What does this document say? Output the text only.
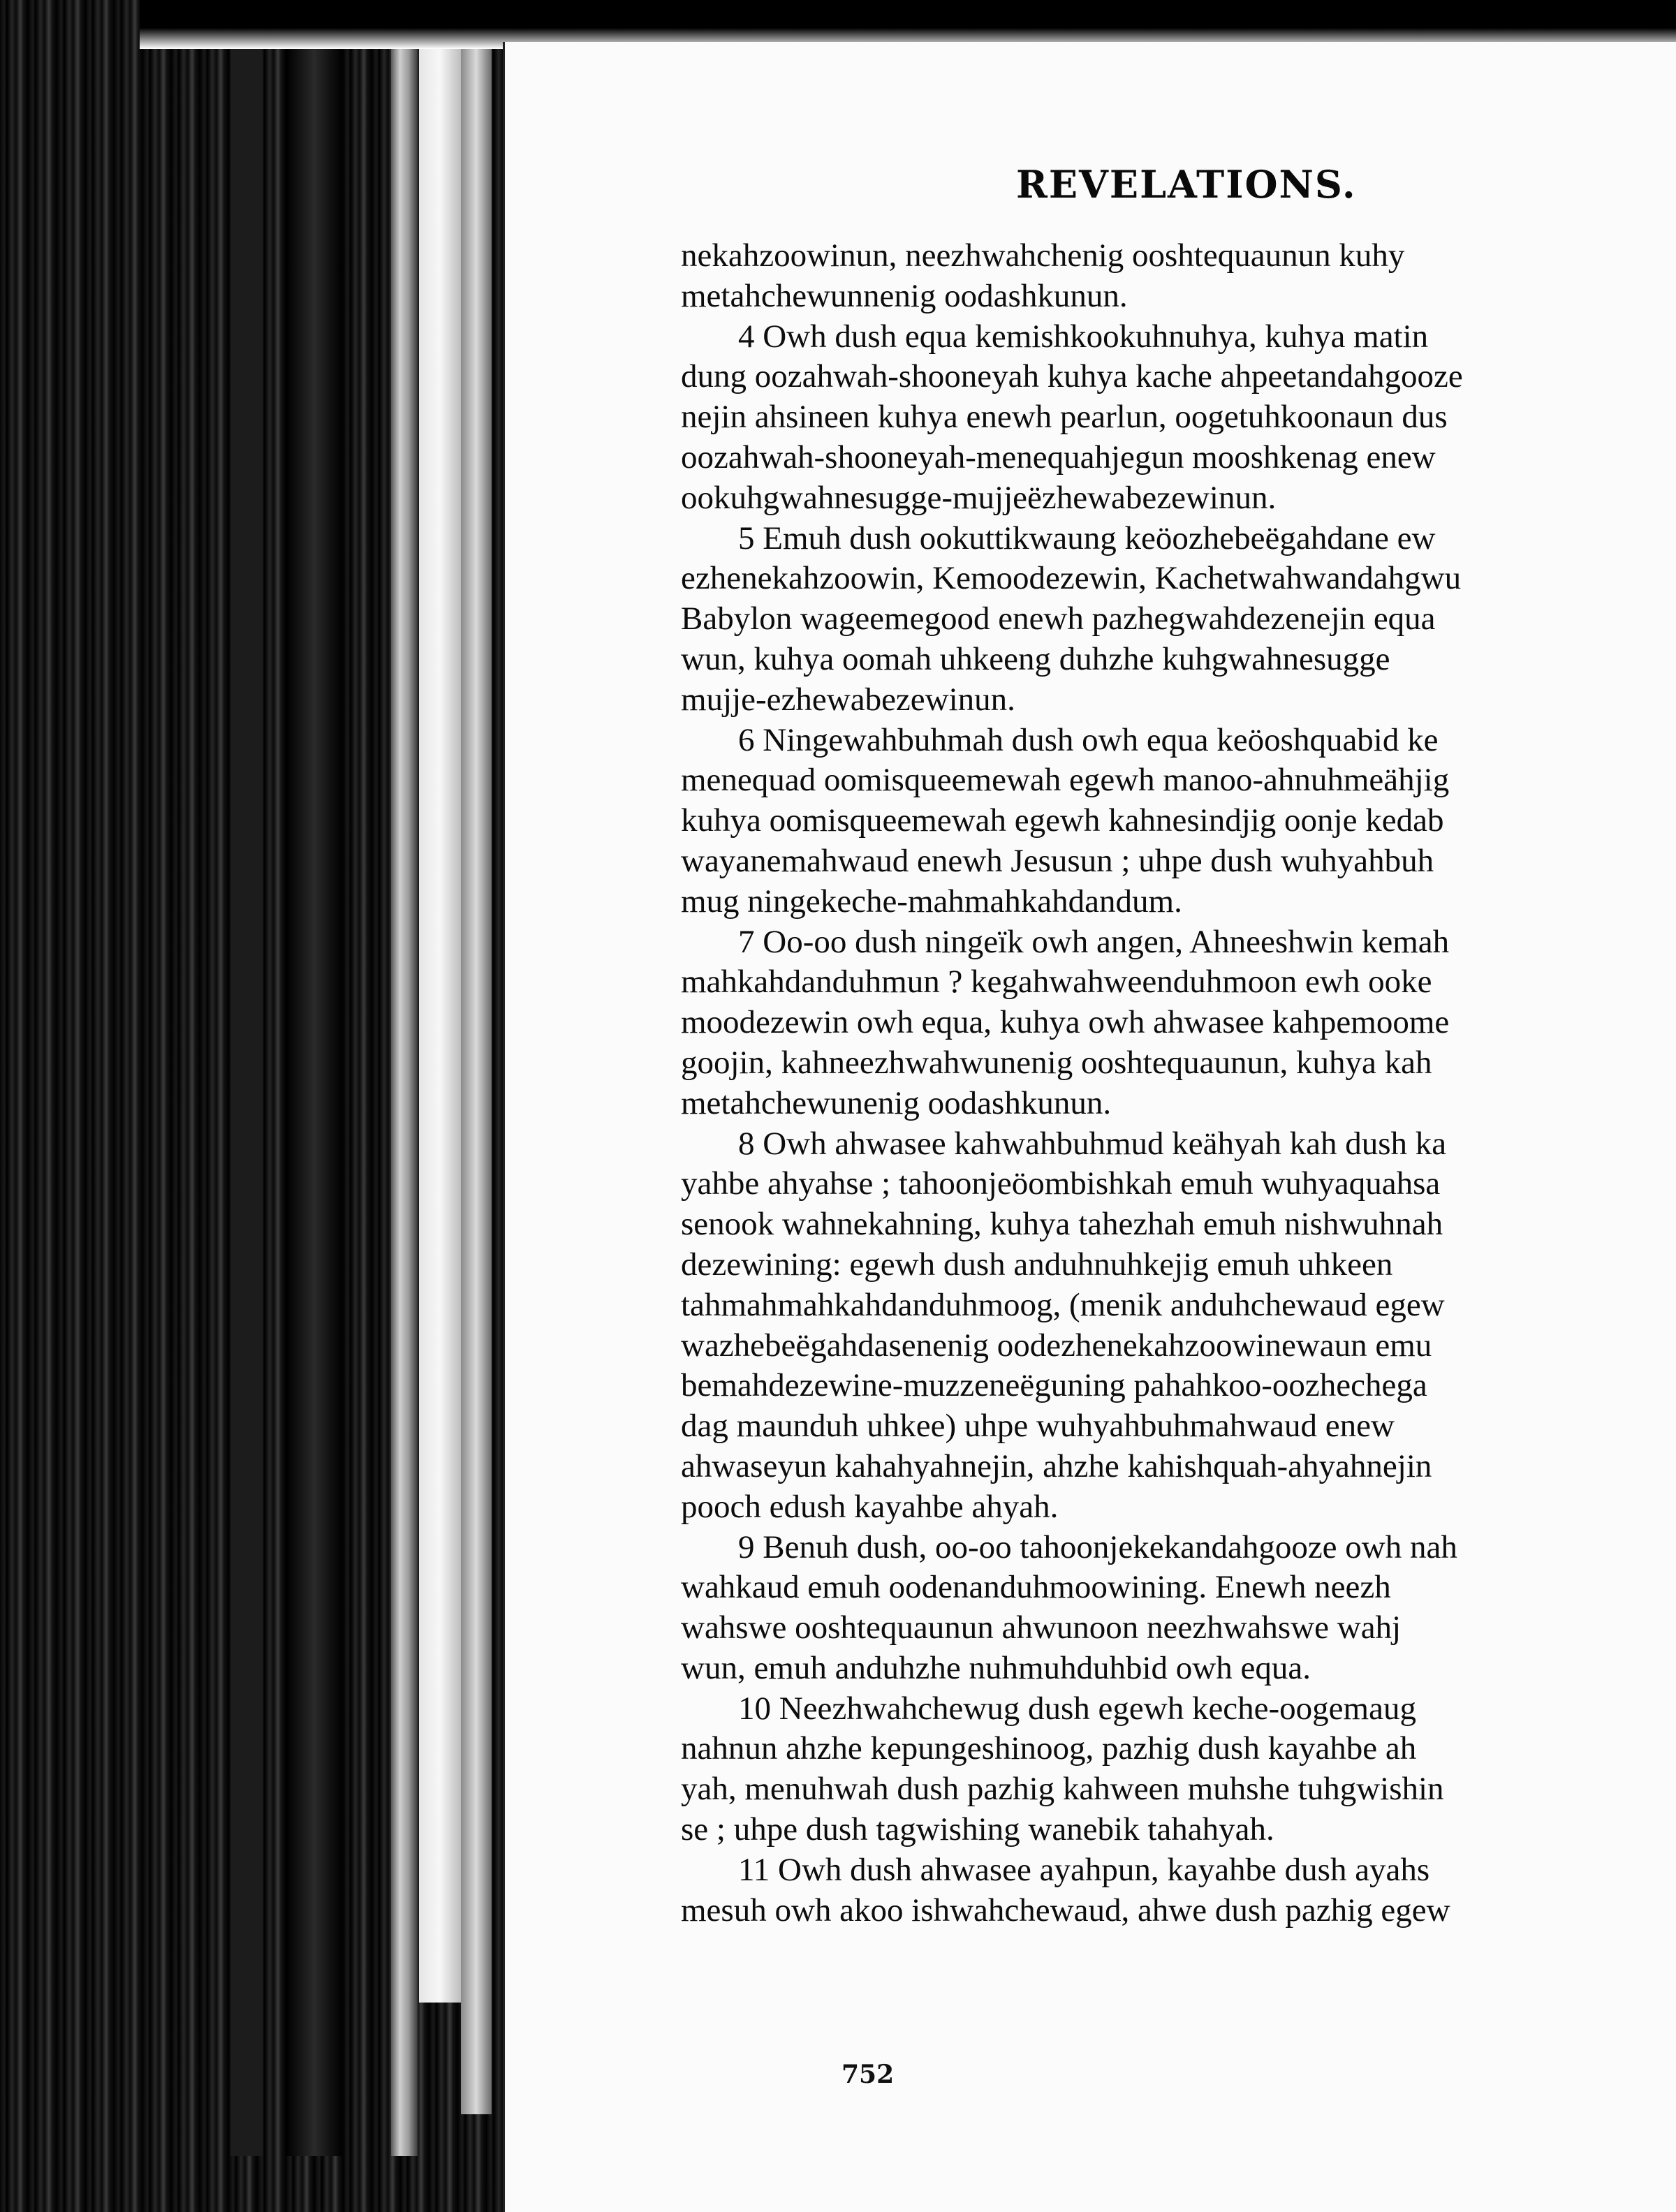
REVELATIONS.
nekahzoowinun, neezhwahchenig ooshtequaunun kuhy
metahchewunnenig oodashkunun.
4 Owh dush equa kemishkookuhnuhya, kuhya matin
dung oozahwah-shooneyah kuhya kache ahpeetandahgooze
nejin ahsineen kuhya enewh pearlun, oogetuhkoonaun dus
oozahwah-shooneyah-menequahjegun mooshkenag enew
ookuhgwahnesugge-mujjeëzhewabezewinun.
5 Emuh dush ookuttikwaung keöozhebeëgahdane ew
ezhenekahzoowin, Kemoodezewin, Kachetwahwandahgwu
Babylon wageemegood enewh pazhegwahdezenejin equa
wun, kuhya oomah uhkeeng duhzhe kuhgwahnesugge
mujje-ezhewabezewinun.
6 Ningewahbuhmah dush owh equa keöoshquabid ke
menequad oomisqueemewah egewh manoo-ahnuhmeähjig
kuhya oomisqueemewah egewh kahnesindjig oonje kedab
wayanemahwaud enewh Jesusun ; uhpe dush wuhyahbuh
mug ningekeche-mahmahkahdandum.
7 Oo-oo dush ningeïk owh angen, Ahneeshwin kemah
mahkahdanduhmun ? kegahwahweenduhmoon ewh ooke
moodezewin owh equa, kuhya owh ahwasee kahpemoome
goojin, kahneezhwahwunenig ooshtequaunun, kuhya kah
metahchewunenig oodashkunun.
8 Owh ahwasee kahwahbuhmud keähyah kah dush ka
yahbe ahyahse ; tahoonjeöombishkah emuh wuhyaquahsa
senook wahnekahning, kuhya tahezhah emuh nishwuhnah
dezewining: egewh dush anduhnuhkejig emuh uhkeen
tahmahmahkahdanduhmoog, (menik anduhchewaud egew
wazhebeëgahdasenenig oodezhenekahzoowinewaun emu
bemahdezewine-muzzeneëguning pahahkoo-oozhechega
dag maunduh uhkee) uhpe wuhyahbuhmahwaud enew
ahwaseyun kahahyahnejin, ahzhe kahishquah-ahyahnejin
pooch edush kayahbe ahyah.
9 Benuh dush, oo-oo tahoonjekekandahgooze owh nah
wahkaud emuh oodenanduhmoowining. Enewh neezh
wahswe ooshtequaunun ahwunoon neezhwahswe wahj
wun, emuh anduhzhe nuhmuhduhbid owh equa.
10 Neezhwahchewug dush egewh keche-oogemaug
nahnun ahzhe kepungeshinoog, pazhig dush kayahbe ah
yah, menuhwah dush pazhig kahween muhshe tuhgwishin
se ; uhpe dush tagwishing wanebik tahahyah.
11 Owh dush ahwasee ayahpun, kayahbe dush ayahs
mesuh owh akoo ishwahchewaud, ahwe dush pazhig egew
752
